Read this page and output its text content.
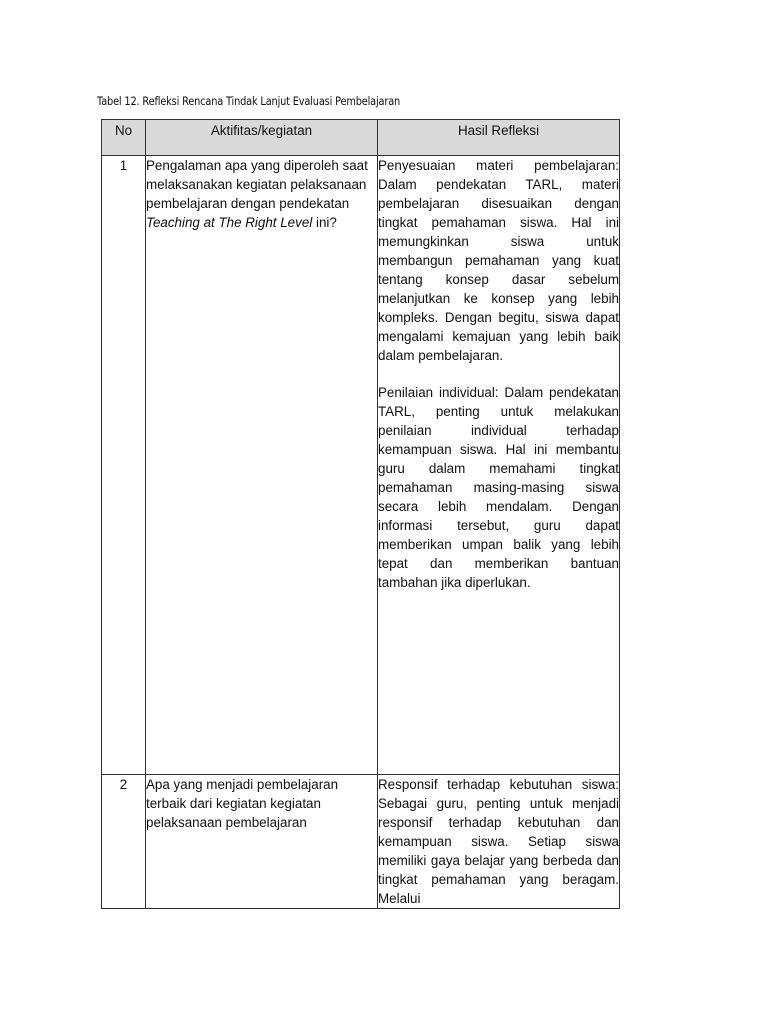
Tabel 12. Refleksi Rencana Tindak Lanjut Evaluasi Pembelajaran
No	Aktifitas/kegiatan	Hasil Refleksi
1	Pengalaman apa yang diperoleh saat melaksanakan kegiatan pelaksanaan pembelajaran dengan pendekatan Teaching at The Right Level ini?	Penyesuaian materi pembelajaran: Dalam pendekatan TARL, materi pembelajaran disesuaikan dengan tingkat pemahaman siswa. Hal ini memungkinkan siswa untuk membangun pemahaman yang kuat tentang konsep dasar sebelum melanjutkan ke konsep yang lebih kompleks. Dengan begitu, siswa dapat mengalami kemajuan yang lebih baik dalam pembelajaran.

Penilaian individual: Dalam pendekatan TARL, penting untuk melakukan penilaian individual terhadap kemampuan siswa. Hal ini membantu guru dalam memahami tingkat pemahaman masing-masing siswa secara lebih mendalam. Dengan informasi tersebut, guru dapat memberikan umpan balik yang lebih tepat dan memberikan bantuan tambahan jika diperlukan.

2	Apa yang menjadi pembelajaran terbaik dari kegiatan kegiatan pelaksanaan pembelajaran	Responsif terhadap kebutuhan siswa: Sebagai guru, penting untuk menjadi responsif terhadap kebutuhan dan kemampuan siswa. Setiap siswa memiliki gaya belajar yang berbeda dan tingkat pemahaman yang beragam. Melalui
